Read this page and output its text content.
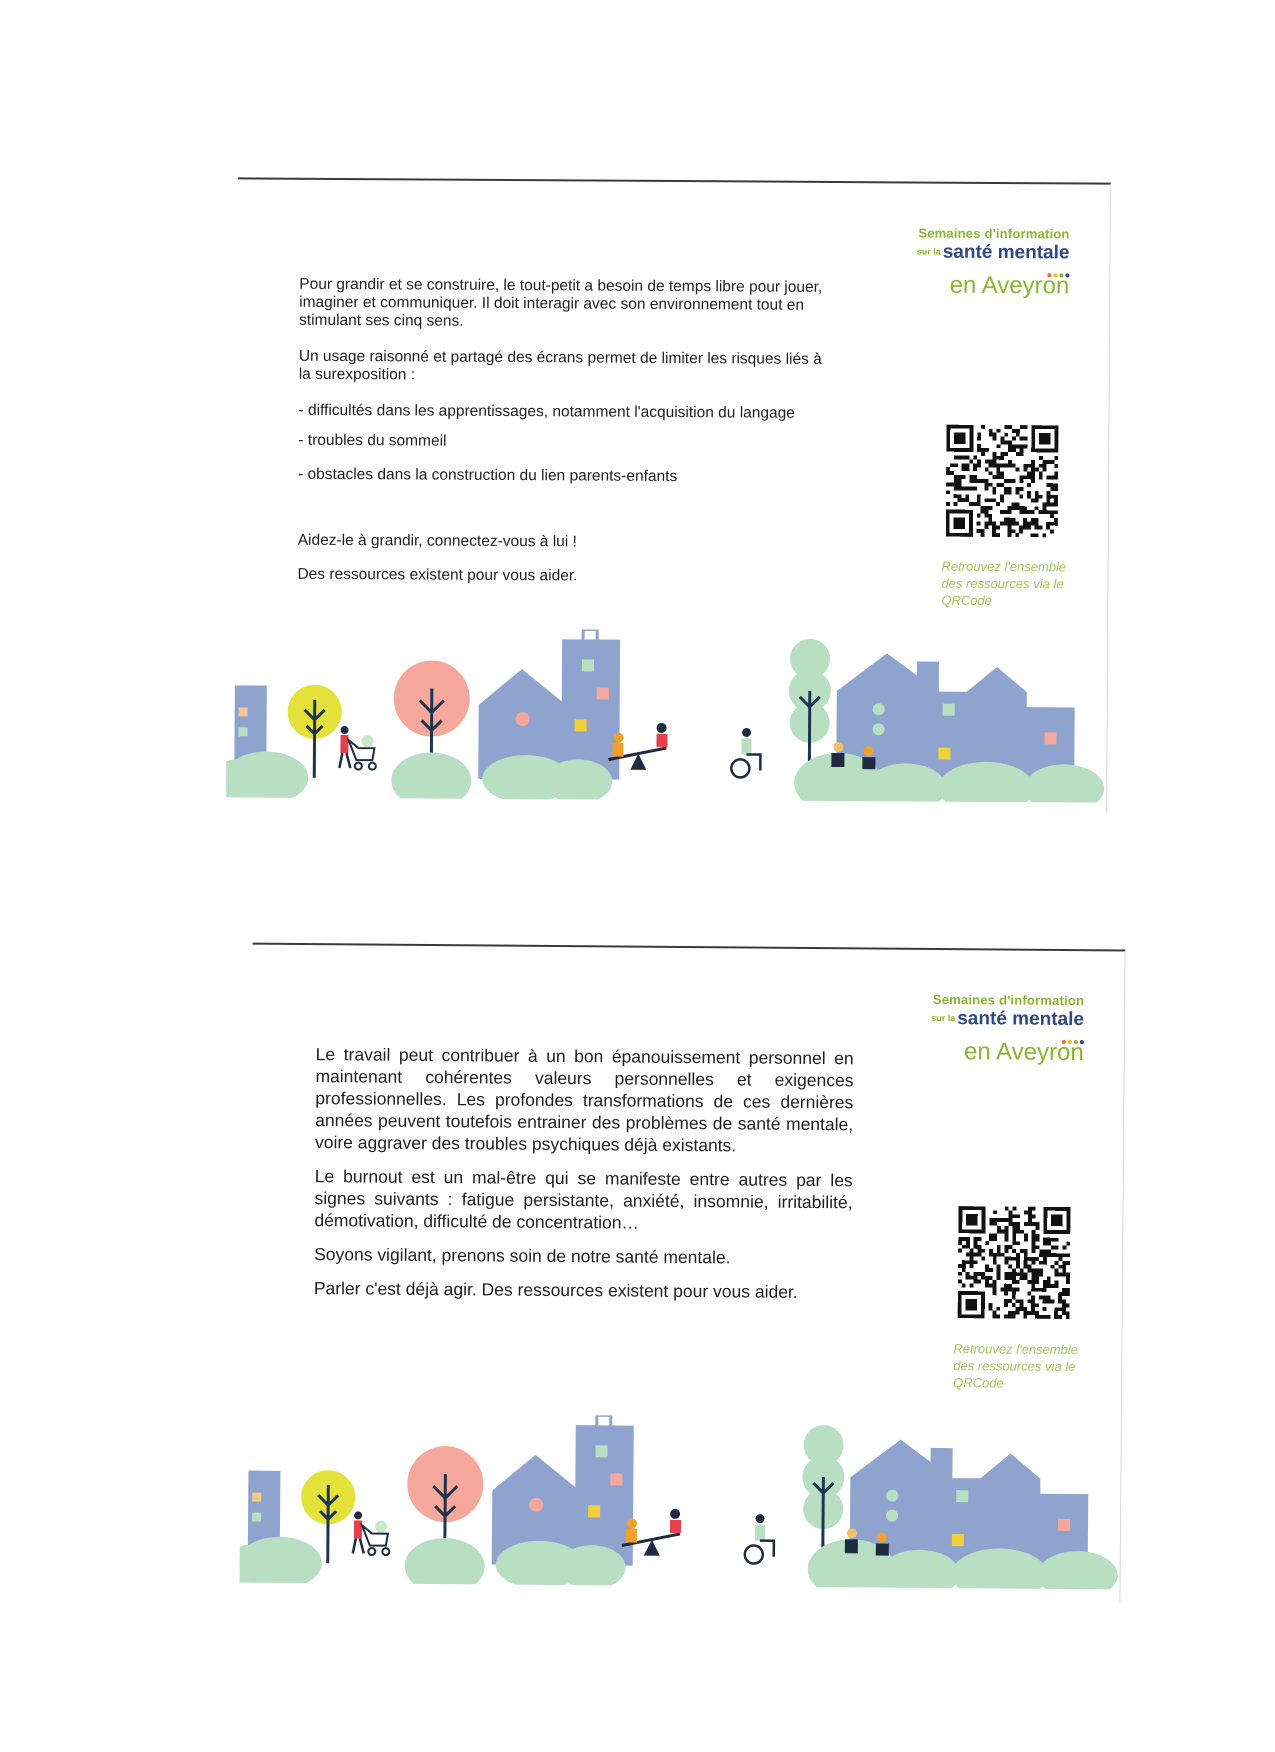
Semaines d'information
sur la santé mentale
en Aveyron

Pour grandir et se construire, le tout-petit a besoin de temps libre pour jouer, imaginer et communiquer. Il doit interagir avec son environnement tout en stimulant ses cinq sens.

Un usage raisonné et partagé des écrans permet de limiter les risques liés à la surexposition :

- difficultés dans les apprentissages, notamment l'acquisition du langage

- troubles du sommeil

- obstacles dans la construction du lien parents-enfants

Aidez-le à grandir, connectez-vous à lui !

Des ressources existent pour vous aider.	Retrouvez l'ensemble des ressources via le QRCode
Semaines d'information
sur lasanté mentale
en Aveyron

Le travail peut contribuer à un bon épanouissement personnel en maintenant cohérentes valeurs personnelles et exigences professionnelles. Les profondes transformations de ces dernières années peuvent toutefois entrainer des problèmes de santé mentale, voire aggraver des troubles psychiques déjà existants.

Le burnout est un mal-être qui se manifeste entre autres par les signes suivants : fatigue persistante, anxiété, insomnie, irritabilité, démotivation, difficulté de concentration…

Soyons vigilant, prenons soin de notre santé mentale.

Parler c'est déjà agir. Des ressources existent pour vous aider.

Retrouvez l'ensemble des ressources via le QRCode
